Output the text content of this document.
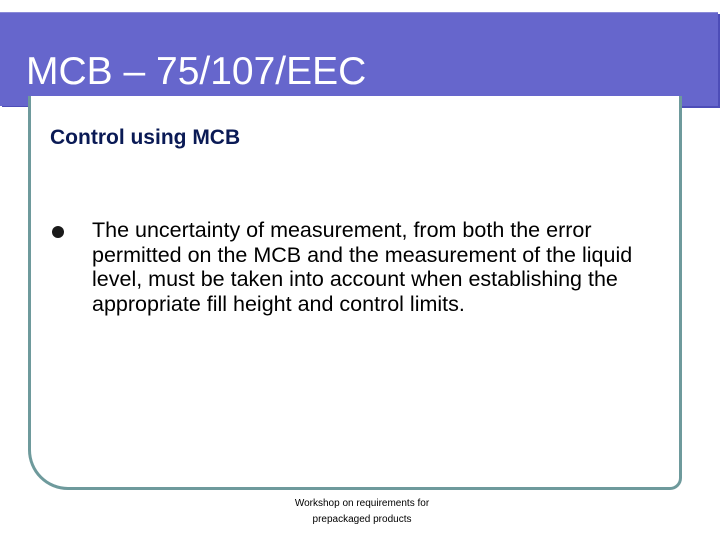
MCB – 75/107/EEC
Control using MCB
The uncertainty of measurement, from both the error permitted on the MCB and the measurement of the liquid level, must be taken into account when establishing the appropriate fill height and control limits.
Workshop on requirements for
prepackaged products
